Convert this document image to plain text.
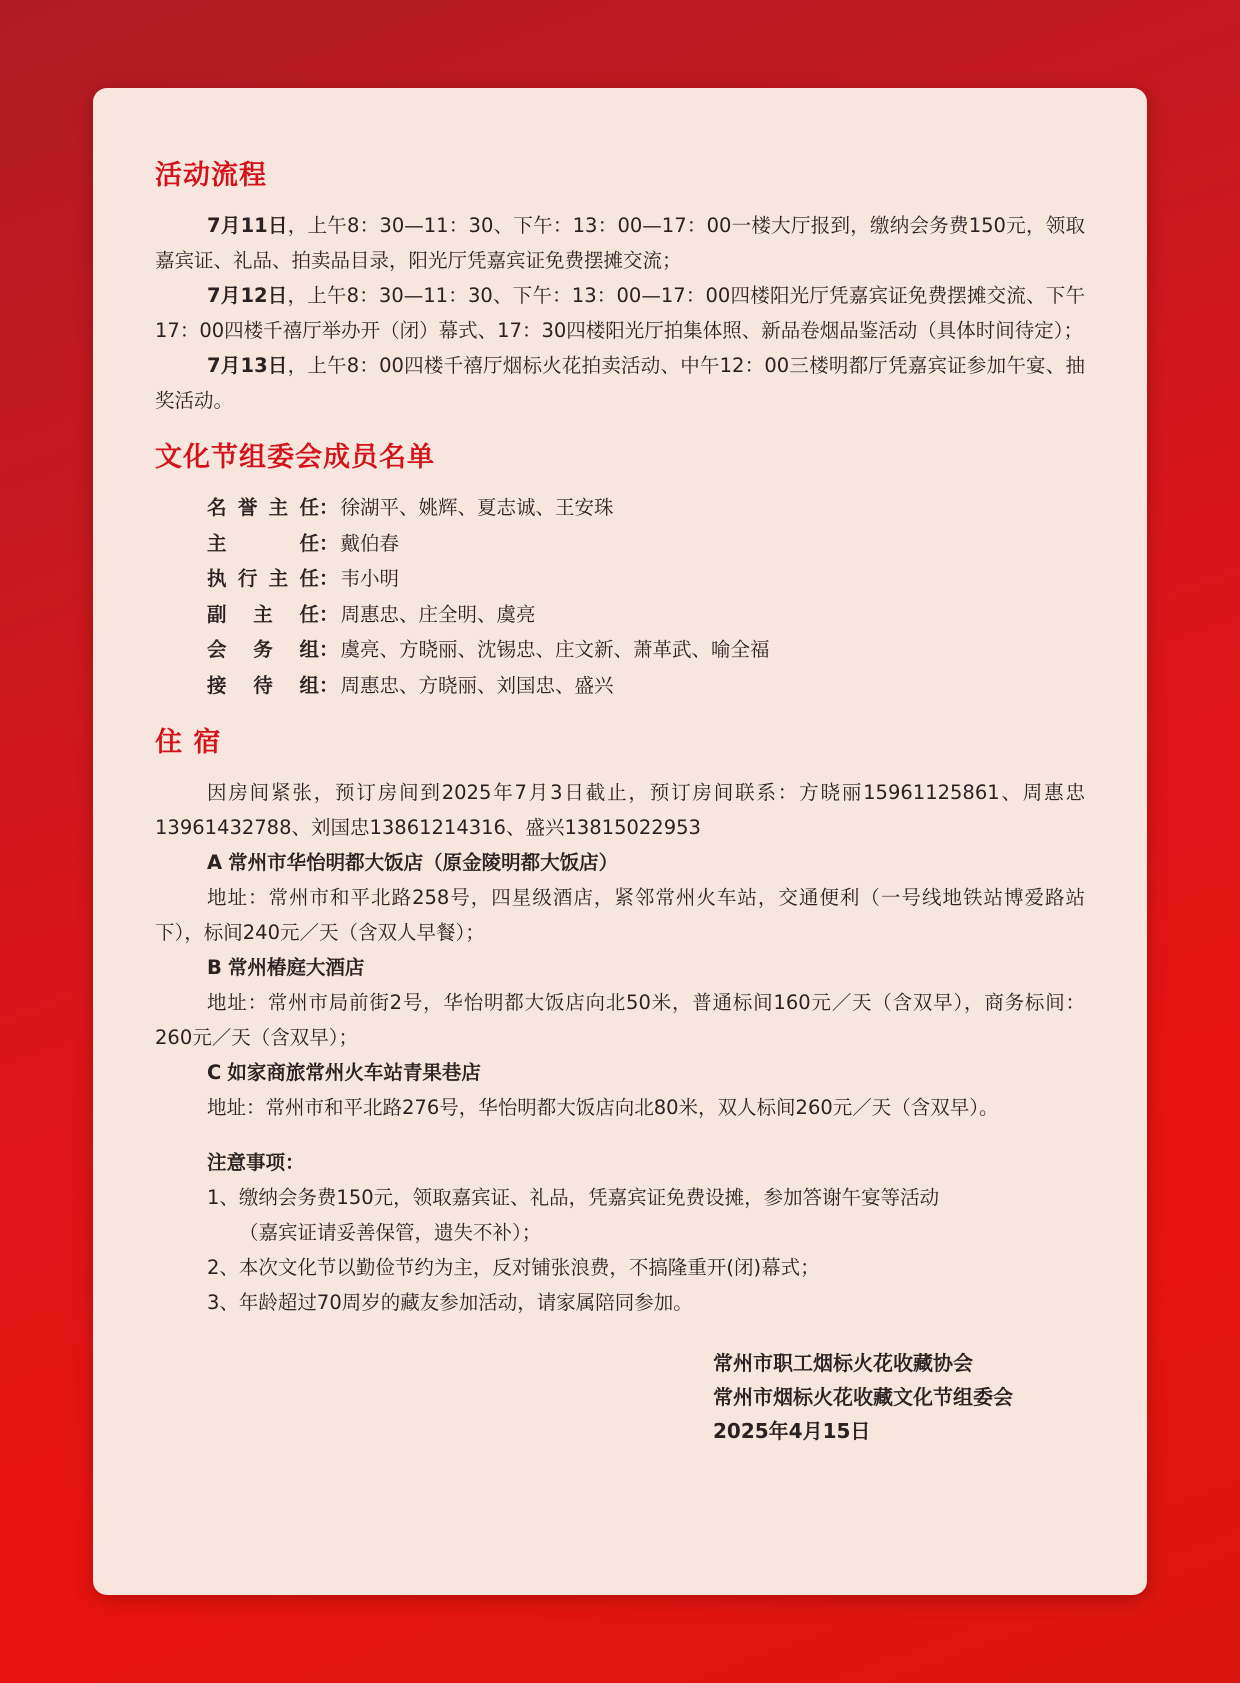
活动流程

7月11日，上午8：30—11：30、下午：13：00—17：00一楼大厅报到，缴纳会务费150元，领取嘉宾证、礼品、拍卖品目录，阳光厅凭嘉宾证免费摆摊交流；

7月12日，上午8：30—11：30、下午：13：00—17：00四楼阳光厅凭嘉宾证免费摆摊交流、下午17：00四楼千禧厅举办开（闭）幕式、17：30四楼阳光厅拍集体照、新品卷烟品鉴活动（具体时间待定）；

7月13日，上午8：00四楼千禧厅烟标火花拍卖活动、中午12：00三楼明都厅凭嘉宾证参加午宴、抽奖活动。

文化节组委会成员名单
名誉主任： 徐湖平、姚辉、夏志诚、王安珠
主任： 戴伯春
执行主任： 韦小明
副主任： 周惠忠、庄全明、虞亮
会务组： 虞亮、方晓丽、沈锡忠、庄文新、萧革武、喻全福
接待组： 周惠忠、方晓丽、刘国忠、盛兴
住 宿

因房间紧张，预订房间到2025年7月3日截止，预订房间联系：方晓丽15961125861、周惠忠13961432788、刘国忠13861214316、盛兴13815022953

A 常州市华怡明都大饭店（原金陵明都大饭店）

地址：常州市和平北路258号，四星级酒店，紧邻常州火车站，交通便利（一号线地铁站博爱路站下），标间240元／天（含双人早餐）；

B 常州椿庭大酒店

地址：常州市局前街2号，华怡明都大饭店向北50米，普通标间160元／天（含双早），商务标间：260元／天（含双早）；

C 如家商旅常州火车站青果巷店

地址：常州市和平北路276号，华怡明都大饭店向北80米，双人标间260元／天（含双早）。

注意事项：
1、缴纳会务费150元，领取嘉宾证、礼品，凭嘉宾证免费设摊，参加答谢午宴等活动
（嘉宾证请妥善保管，遗失不补）；
2、本次文化节以勤俭节约为主，反对铺张浪费，不搞隆重开(闭)幕式；
3、年龄超过70周岁的藏友参加活动，请家属陪同参加。
常州市职工烟标火花收藏协会
常州市烟标火花收藏文化节组委会
2025年4月15日
